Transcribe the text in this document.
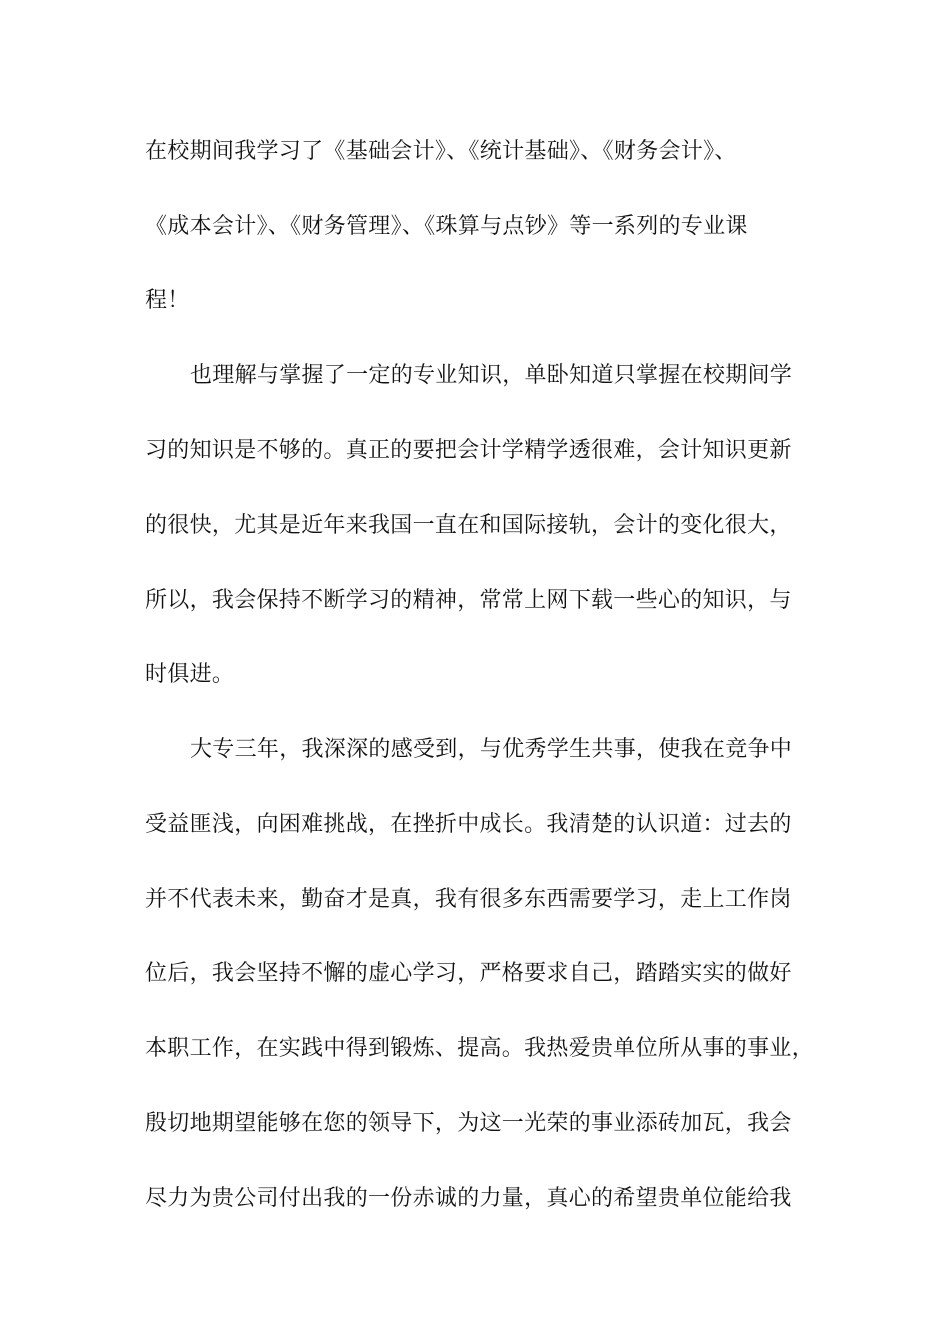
在校期间我学习了《基础会计》、《统计基础》、《财务会计》、
《成本会计》、《财务管理》、《珠算与点钞》等一系列的专业课
程！
也理解与掌握了一定的专业知识，单卧知道只掌握在校期间学
习的知识是不够的。真正的要把会计学精学透很难，会计知识更新
的很快，尤其是近年来我国一直在和国际接轨，会计的变化很大，
所以，我会保持不断学习的精神，常常上网下载一些心的知识，与
时俱进。
大专三年，我深深的感受到，与优秀学生共事，使我在竞争中
受益匪浅，向困难挑战，在挫折中成长。我清楚的认识道：过去的
并不代表未来，勤奋才是真，我有很多东西需要学习，走上工作岗
位后，我会坚持不懈的虚心学习，严格要求自己，踏踏实实的做好
本职工作，在实践中得到锻炼、提高。我热爱贵单位所从事的事业，
殷切地期望能够在您的领导下，为这一光荣的事业添砖加瓦，我会
尽力为贵公司付出我的一份赤诚的力量，真心的希望贵单位能给我
